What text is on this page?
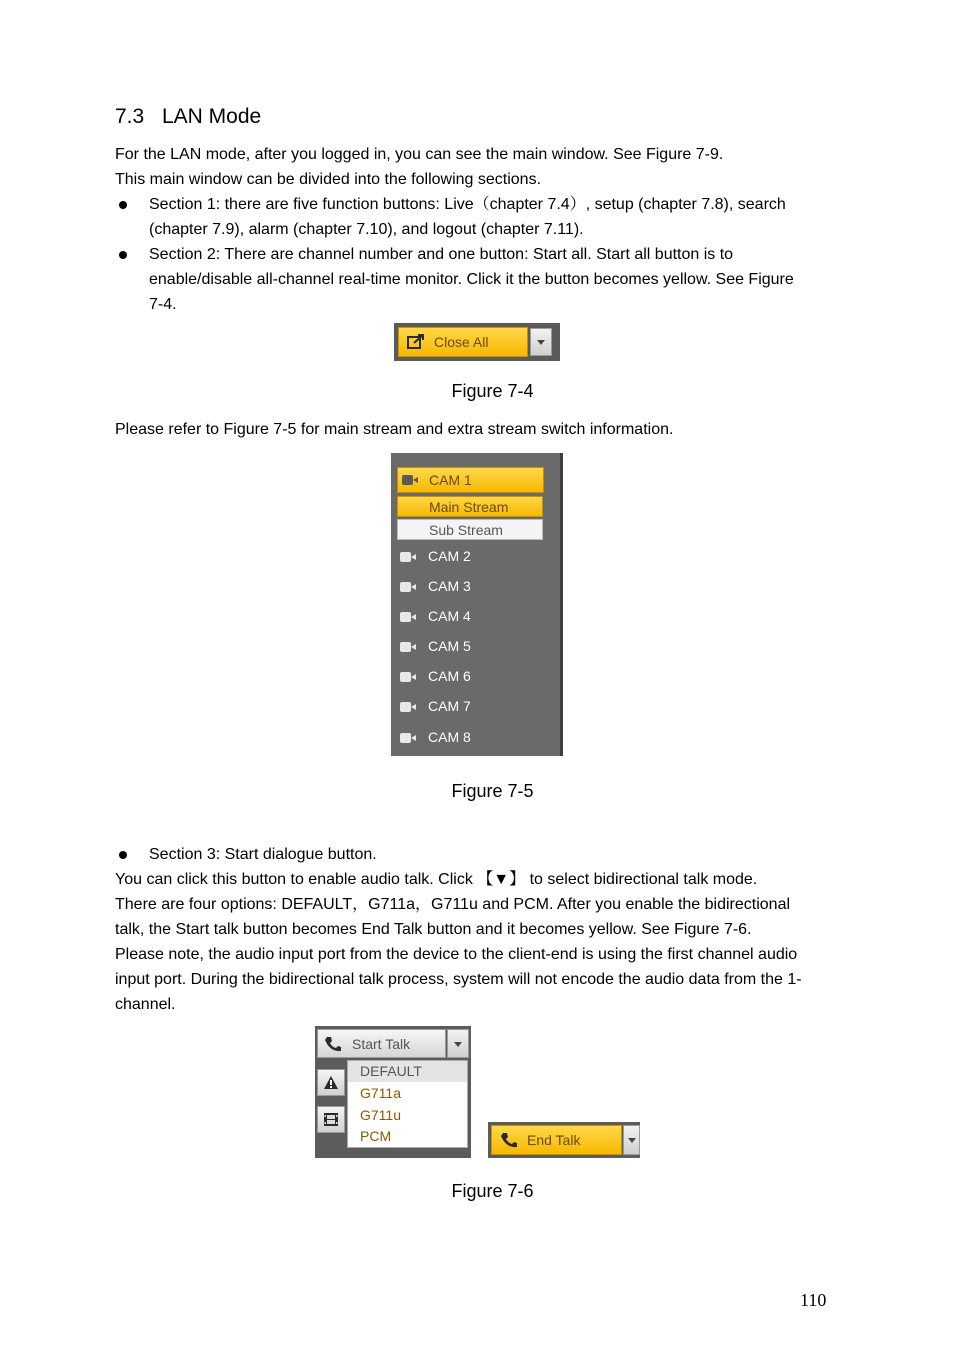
7.3 LAN Mode
For the LAN mode, after you logged in, you can see the main window. See Figure 7-9.
This main window can be divided into the following sections.
Section 1: there are five function buttons: Live（chapter 7.4）, setup (chapter 7.8), search
(chapter 7.9), alarm (chapter 7.10), and logout (chapter 7.11).
Section 2: There are channel number and one button: Start all. Start all button is to
enable/disable all-channel real-time monitor. Click it the button becomes yellow. See Figure
7-4.
Close All
Figure 7-4
Please refer to Figure 7-5 for main stream and extra stream switch information.
CAM 1
Main Stream
Sub Stream
CAM 2
CAM 3
CAM 4
CAM 5
CAM 6
CAM 7
CAM 8
Figure 7-5
Section 3: Start dialogue button.
You can click this button to enable audio talk. Click 【▼】 to select bidirectional talk mode.
There are four options: DEFAULT，G711a，G711u and PCM. After you enable the bidirectional
talk, the Start talk button becomes End Talk button and it becomes yellow. See Figure 7-6.
Please note, the audio input port from the device to the client-end is using the first channel audio
input port. During the bidirectional talk process, system will not encode the audio data from the 1-
channel.
Start Talk
DEFAULT
G711a
G711u
PCM	End Talk
Figure 7-6
110
